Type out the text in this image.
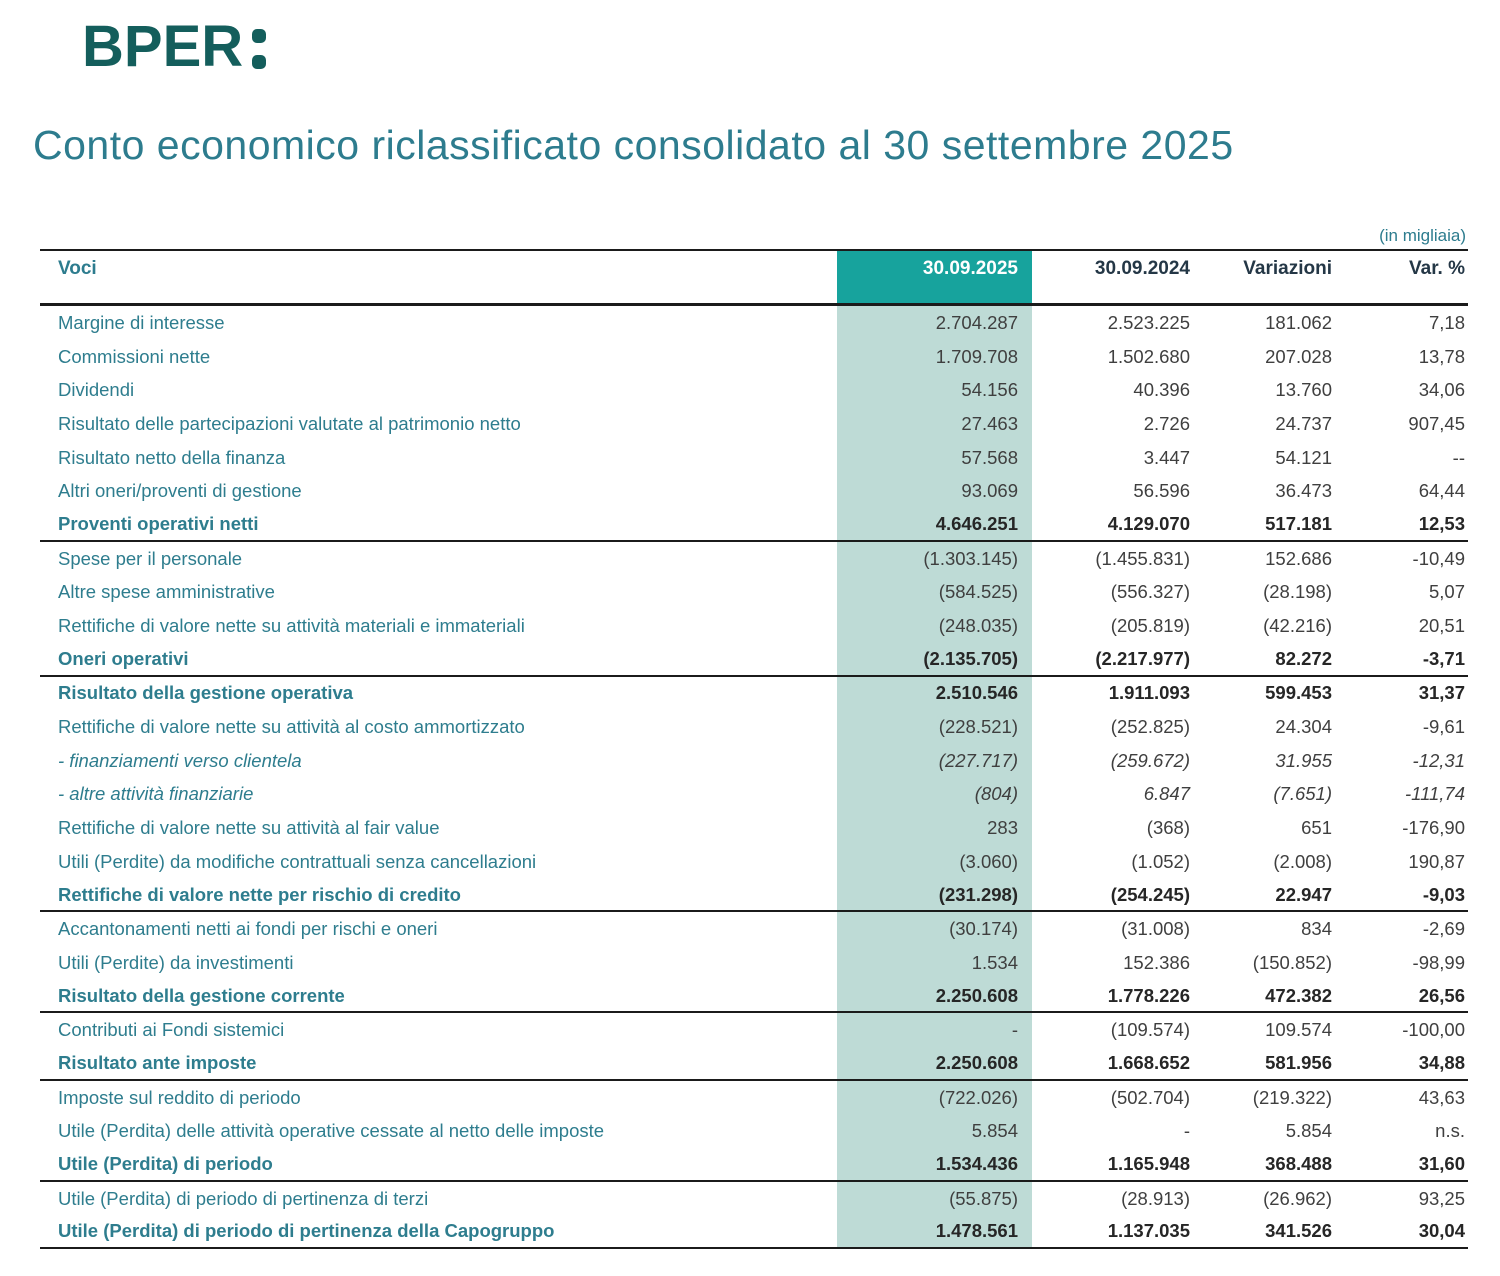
BPER
Conto economico riclassificato consolidato al 30 settembre 2025
(in migliaia)
Voci	30.09.2025	30.09.2024	Variazioni	Var. %
Margine di interesse	2.704.287	2.523.225	181.062	7,18
Commissioni nette	1.709.708	1.502.680	207.028	13,78
Dividendi	54.156	40.396	13.760	34,06
Risultato delle partecipazioni valutate al patrimonio netto	27.463	2.726	24.737	907,45
Risultato netto della finanza	57.568	3.447	54.121	--
Altri oneri/proventi di gestione	93.069	56.596	36.473	64,44
Proventi operativi netti	4.646.251	4.129.070	517.181	12,53
Spese per il personale	(1.303.145)	(1.455.831)	152.686	-10,49
Altre spese amministrative	(584.525)	(556.327)	(28.198)	5,07
Rettifiche di valore nette su attività materiali e immateriali	(248.035)	(205.819)	(42.216)	20,51
Oneri operativi	(2.135.705)	(2.217.977)	82.272	-3,71
Risultato della gestione operativa	2.510.546	1.911.093	599.453	31,37
Rettifiche di valore nette su attività al costo ammortizzato	(228.521)	(252.825)	24.304	-9,61
- finanziamenti verso clientela	(227.717)	(259.672)	31.955	-12,31
- altre attività finanziarie	(804)	6.847	(7.651)	-111,74
Rettifiche di valore nette su attività al fair value	283	(368)	651	-176,90
Utili (Perdite) da modifiche contrattuali senza cancellazioni	(3.060)	(1.052)	(2.008)	190,87
Rettifiche di valore nette per rischio di credito	(231.298)	(254.245)	22.947	-9,03
Accantonamenti netti ai fondi per rischi e oneri	(30.174)	(31.008)	834	-2,69
Utili (Perdite) da investimenti	1.534	152.386	(150.852)	-98,99
Risultato della gestione corrente	2.250.608	1.778.226	472.382	26,56
Contributi ai Fondi sistemici	-	(109.574)	109.574	-100,00
Risultato ante imposte	2.250.608	1.668.652	581.956	34,88
Imposte sul reddito di periodo	(722.026)	(502.704)	(219.322)	43,63
Utile (Perdita) delle attività operative cessate al netto delle imposte	5.854	-	5.854	n.s.
Utile (Perdita) di periodo	1.534.436	1.165.948	368.488	31,60
Utile (Perdita) di periodo di pertinenza di terzi	(55.875)	(28.913)	(26.962)	93,25
Utile (Perdita) di periodo di pertinenza della Capogruppo	1.478.561	1.137.035	341.526	30,04
